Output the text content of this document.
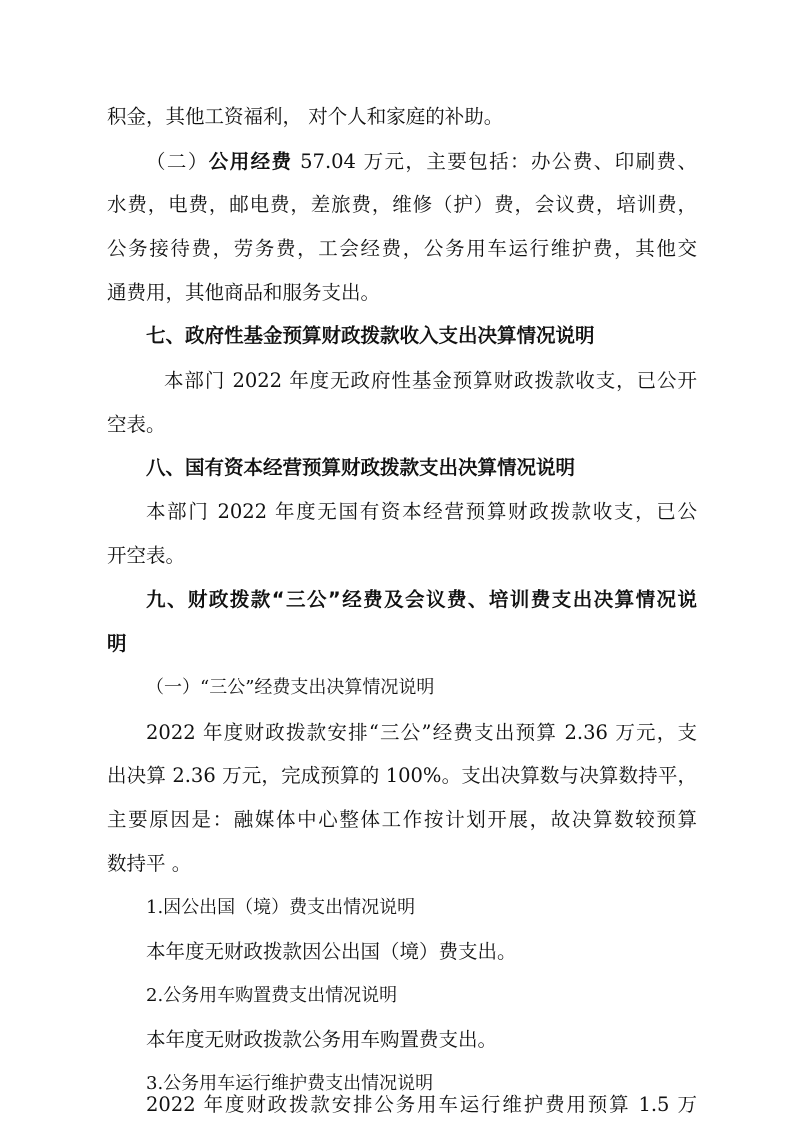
积金，其他工资福利， 对个人和家庭的补助。
（二）公用经费 57.04 万元，主要包括：办公费、印刷费、
水费，电费，邮电费，差旅费，维修（护）费，会议费，培训费，
公务接待费，劳务费，工会经费，公务用车运行维护费，其他交
通费用，其他商品和服务支出。
七、政府性基金预算财政拨款收入支出决算情况说明
本部门 2022 年度无政府性基金预算财政拨款收支，已公开
空表。
八、国有资本经营预算财政拨款支出决算情况说明
本部门 2022 年度无国有资本经营预算财政拨款收支，已公
开空表。
九、财政拨款“三公”经费及会议费、培训费支出决算情况说
明
（一）“三公”经费支出决算情况说明
2022 年度财政拨款安排“三公”经费支出预算 2.36 万元，支
出决算 2.36 万元，完成预算的 100%。支出决算数与决算数持平，
主要原因是：融媒体中心整体工作按计划开展，故决算数较预算
数持平 。
1.因公出国（境）费支出情况说明
本年度无财政拨款因公出国（境）费支出。
2.公务用车购置费支出情况说明
本年度无财政拨款公务用车购置费支出。
3.公务用车运行维护费支出情况说明
2022 年度财政拨款安排公务用车运行维护费用预算 1.5 万
